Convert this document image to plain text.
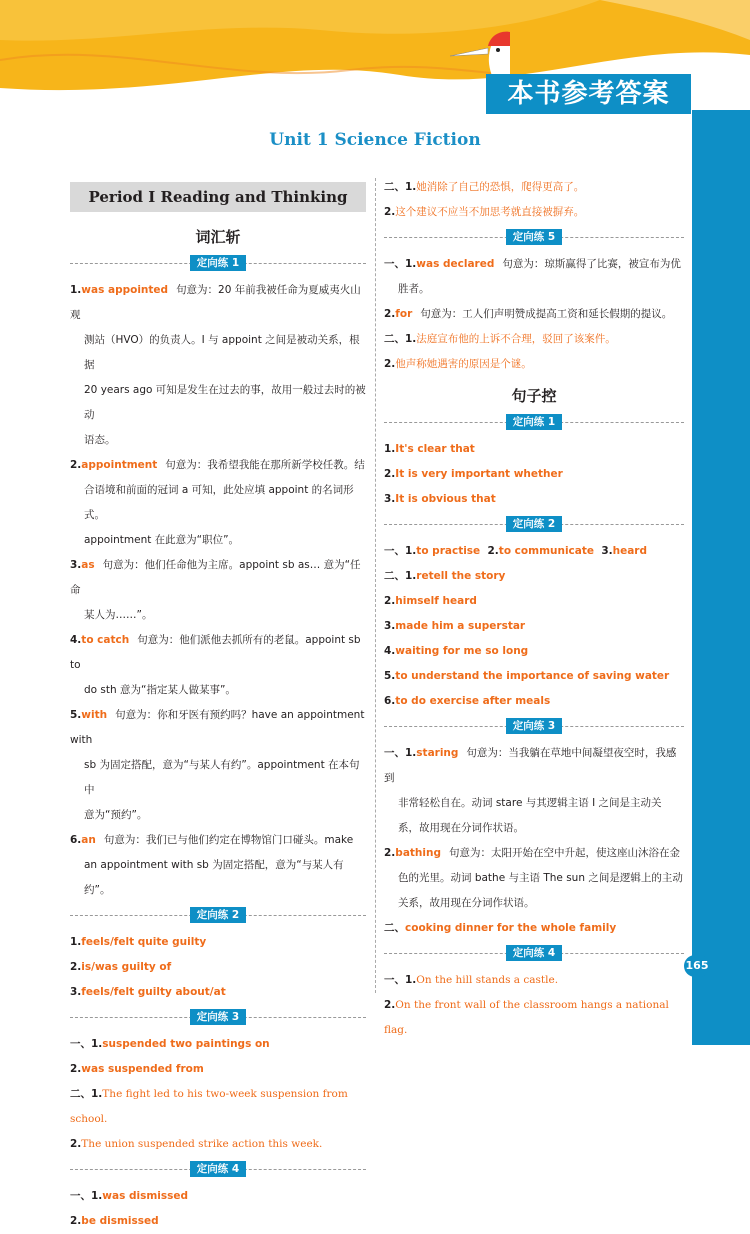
本书参考答案
Unit 1 Science Fiction
165
Period Ⅰ Reading and Thinking
词汇斩
定向练 1
1.was appointed 句意为：20 年前我被任命为夏威夷火山观
测站（HVO）的负责人。I 与 appoint 之间是被动关系，根据
20 years ago 可知是发生在过去的事，故用一般过去时的被动
语态。
2.appointment 句意为：我希望我能在那所新学校任教。结
合语境和前面的冠词 a 可知，此处应填 appoint 的名词形式。
appointment 在此意为“职位”。
3.as 句意为：他们任命他为主席。appoint sb as… 意为“任命
某人为……”。
4.to catch 句意为：他们派他去抓所有的老鼠。appoint sb to
do sth 意为“指定某人做某事”。
5.with 句意为：你和牙医有预约吗？have an appointment with
sb 为固定搭配，意为“与某人有约”。appointment 在本句中
意为“预约”。
6.an 句意为：我们已与他们约定在博物馆门口碰头。make
an appointment with sb 为固定搭配，意为“与某人有约”。
定向练 2
1.feels/felt quite guilty
2.is/was guilty of
3.feels/felt guilty about/at
定向练 3
一、1.suspended two paintings on
2.was suspended from
二、1.The fight led to his two-week suspension from school.
2.The union suspended strike action this week.
定向练 4
一、1.was dismissed
2.be dismissed
二、1.她消除了自己的恐惧，爬得更高了。
2.这个建议不应当不加思考就直接被摒弃。
定向练 5
一、1.was declared 句意为：琼斯赢得了比赛，被宣布为优
胜者。
2.for 句意为：工人们声明赞成提高工资和延长假期的提议。
二、1.法庭宣布他的上诉不合理，驳回了该案件。
2.他声称她遇害的原因是个谜。
句子控
定向练 1
1.It's clear that
2.It is very important whether
3.It is obvious that
定向练 2
一、1.to practise  2.to communicate  3.heard
二、1.retell the story
2.himself heard
3.made him a superstar
4.waiting for me so long
5.to understand the importance of saving water
6.to do exercise after meals
定向练 3
一、1.staring 句意为：当我躺在草地中间凝望夜空时，我感到
非常轻松自在。动词 stare 与其逻辑主语 I 之间是主动关
系，故用现在分词作状语。
2.bathing 句意为：太阳开始在空中升起，使这座山沐浴在金
色的光里。动词 bathe 与主语 The sun 之间是逻辑上的主动
关系，故用现在分词作状语。
二、cooking dinner for the whole family
定向练 4
一、1.On the hill stands a castle.
2.On the front wall of the classroom hangs a national flag.
